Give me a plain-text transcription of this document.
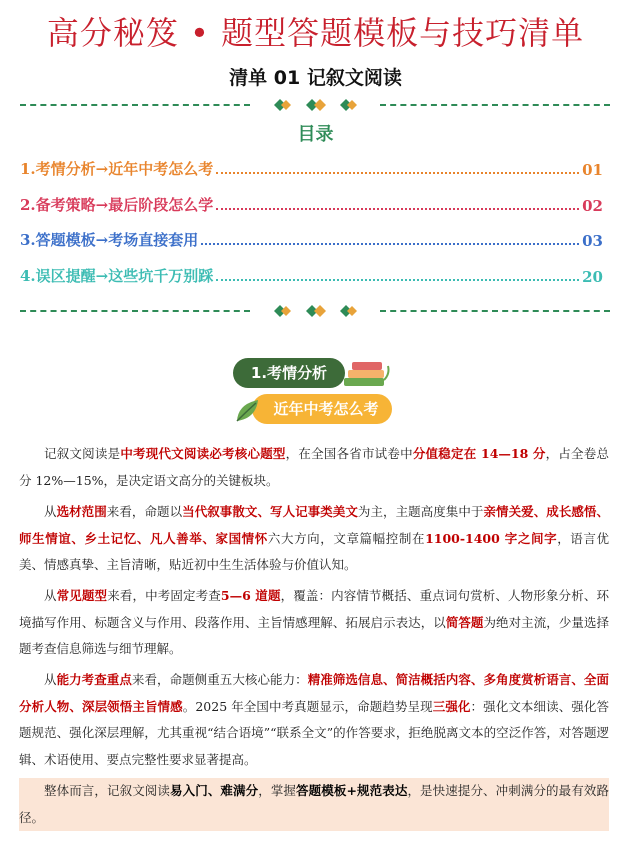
高分秘笈 • 题型答题模板与技巧清单
清单 01 记叙文阅读
目录
1.考情分析→近年中考怎么考	01
2.备考策略→最后阶段怎么学	02
3.答题模板→考场直接套用	03
4.误区提醒→这些坑千万别踩	20
1.考情分析
近年中考怎么考
记叙文阅读是中考现代文阅读必考核心题型，在全国各省市试卷中分值稳定在 14—18 分，占全卷总分 12%—15%，是决定语文高分的关键板块。
从选材范围来看，命题以当代叙事散文、写人记事类美文为主，主题高度集中于亲情关爱、成长感悟、师生情谊、乡土记忆、凡人善举、家国情怀六大方向，文章篇幅控制在1100-1400 字之间字，语言优美、情感真挚、主旨清晰，贴近初中生生活体验与价值认知。
从常见题型来看，中考固定考查5—6 道题，覆盖：内容情节概括、重点词句赏析、人物形象分析、环境描写作用、标题含义与作用、段落作用、主旨情感理解、拓展启示表达，以简答题为绝对主流，少量选择题考查信息筛选与细节理解。
从能力考查重点来看，命题侧重五大核心能力：精准筛选信息、简洁概括内容、多角度赏析语言、全面分析人物、深层领悟主旨情感。2025 年全国中考真题显示，命题趋势呈现三强化：强化文本细读、强化答题规范、强化深层理解，尤其重视“结合语境”“联系全文”的作答要求，拒绝脱离文本的空泛作答，对答题逻辑、术语使用、要点完整性要求显著提高。
整体而言，记叙文阅读易入门、难满分，掌握答题模板+规范表达，是快速提分、冲刺满分的最有效路径。
